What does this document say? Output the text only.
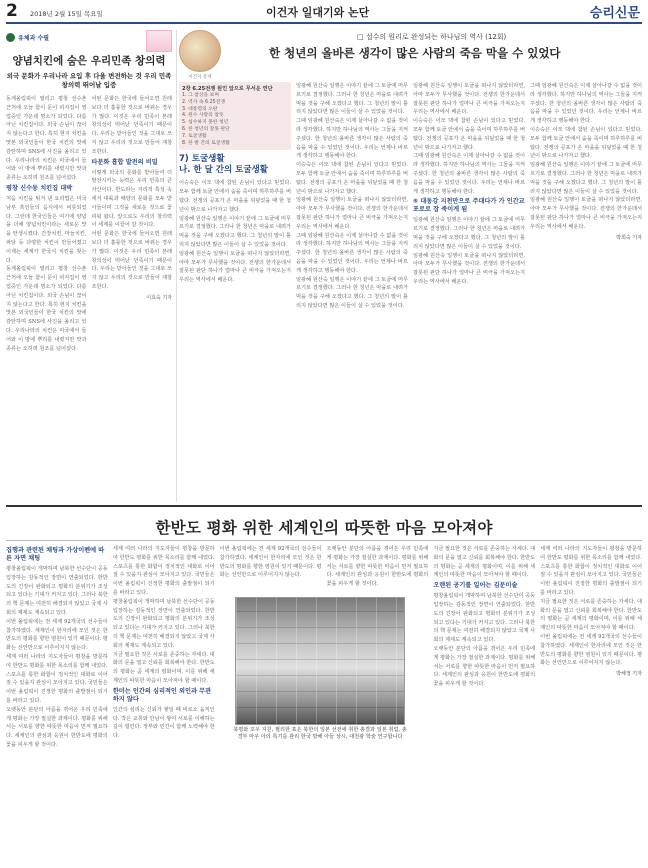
2	2018년 2월 15일 목요일	이건자 일대기와 논단	승리신문
유체과 수필
양념치킨에 숨은 우리민족 창의력
외국 문화가 우리나라 요입 후 다울 변전하는 것 우리 민족 창의력 뛰어날 입증

동계올림픽이 열리고 평창 선수촌 근처에 오늘 함이 문이 피자집이 영업중인 가운데 명소가 되었다. 다름아닌 치킨집이다. 외국 손님이 끊이지 않는다고 한다. 특히 현지 치킨을 맛본 외국인들이 한국 치킨의 맛에 감탄하며 SNS에 사진을 올리고 있다. 우리나라의 치킨은 미국에서 들어와 이 땅에 뿌리를 내렸지만 맛과 종류는 오히려 원조를 넘어섰다.

평창 신수동 치킨집 대박

처음 치킨을 튀겨 낸 요리법은 미국 남부 흑인들의 음식에서 비롯되었다. 그런데 한국인들은 여기에 양념을 더해 양념치킨이라는 새로운 맛을 탄생시켰다. 간장치킨, 마늘치킨, 파닭 등 다양한 치킨이 만들어졌고 이제는 세계가 한국식 치킨을 찾는다.

동계올림픽이 열리고 평창 선수촌 근처에 오늘 함이 문이 피자집이 영업중인 가운데 명소가 되었다. 다름아닌 치킨집이다. 외국 손님이 끊이지 않는다고 한다. 특히 현지 치킨을 맛본 외국인들이 한국 치킨의 맛에 감탄하며 SNS에 사진을 올리고 있다. 우리나라의 치킨은 미국에서 들어와 이 땅에 뿌리를 내렸지만 맛과 종류는 오히려 원조를 넘어섰다.

어떤 문화든 한국에 들어오면 원래보다 더 훌륭한 것으로 바뀌는 경우가 많다. 이것은 우리 민족이 본래 창의성이 뛰어난 민족이기 때문이다. 우리는 받아들인 것을 그대로 쓰지 않고 우리의 것으로 만들어 재창조한다.

타문화 흡합 발전의 비밀

이렇게 외국의 문화를 받아들여 더 발전시키는 능력은 우리 민족의 큰 자산이다. 반도라는 지리적 특성 속에서 대륙과 해양의 문화를 모두 받아들이며 그것을 새로운 것으로 꽃피워 왔다. 앞으로도 우리의 창의력이 세계를 이끌어 갈 것이다.

어떤 문화든 한국에 들어오면 원래보다 더 훌륭한 것으로 바뀌는 경우가 많다. 이것은 우리 민족이 본래 창의성이 뛰어난 민족이기 때문이다. 우리는 받아들인 것을 그대로 쓰지 않고 우리의 것으로 만들어 재창조한다.

이효숙 기자
이건자 총재
□ 섭수의 원리로 완성되는 하나님의 역사 (12회)
한 청년의 올바른 생각이 많은 사람의 죽음 막을 수 있었다
2장 6.25전쟁 원인 앞으로 무서운 연단
1. 그 참상을 보며
2. 역사 속 6.25전쟁
3. 대통령의 오판
4. 원수 사랑의 참뜻
5. 섭수하지 못한 청년
6. 한 청년의 잘못 판단
7. 토굴생활
8. 한 발 간의 토굴생활
7) 토굴생활
나. 한 달 간의 토굴생활

이승숙은 이모 댁에 참된 손님이 있다고 믿었다. 모두 함께 토굴 안에서 숨을 죽이며 하루하루를 버텼다. 전쟁의 공포가 온 마을을 뒤덮었을 때 한 청년이 밖으로 나가자고 했다.

임광혜 원산숙 일행은 이야기 끝에 그 토굴에 머무르기로 결정했다. 그러나 한 청년은 마을로 내려가 먹을 것을 구해 오겠다고 했다. 그 청년의 말이 틀리지 않았다면 많은 이들이 살 수 있었을 것이다.

임광혜 원산숙 일행이 토굴을 떠나지 않았더라면, 아마 모두가 무사했을 것이다. 전쟁의 한가운데서 잘못된 판단 하나가 얼마나 큰 비극을 가져오는지 우리는 역사에서 배운다.

임광혜 원산숙 일행은 이야기 끝에 그 토굴에 머무르기로 결정했다. 그러나 한 청년은 마을로 내려가 먹을 것을 구해 오겠다고 했다. 그 청년의 말이 틀리지 않았다면 많은 이들이 살 수 있었을 것이다.

그때 임광혜 원산숙은 이제 살아나갈 수 없을 것이라 생각했다. 하지만 하나님의 역사는 그들을 지켜 주셨다. 한 청년의 올바른 생각이 많은 사람의 죽음을 막을 수 있었던 것이다. 우리는 언제나 바르게 생각하고 행동해야 한다.

이승숙은 이모 댁에 참된 손님이 있다고 믿었다. 모두 함께 토굴 안에서 숨을 죽이며 하루하루를 버텼다. 전쟁의 공포가 온 마을을 뒤덮었을 때 한 청년이 밖으로 나가자고 했다.

임광혜 원산숙 일행이 토굴을 떠나지 않았더라면, 아마 모두가 무사했을 것이다. 전쟁의 한가운데서 잘못된 판단 하나가 얼마나 큰 비극을 가져오는지 우리는 역사에서 배운다.

그때 임광혜 원산숙은 이제 살아나갈 수 없을 것이라 생각했다. 하지만 하나님의 역사는 그들을 지켜 주셨다. 한 청년의 올바른 생각이 많은 사람의 죽음을 막을 수 있었던 것이다. 우리는 언제나 바르게 생각하고 행동해야 한다.

임광혜 원산숙 일행은 이야기 끝에 그 토굴에 머무르기로 결정했다. 그러나 한 청년은 마을로 내려가 먹을 것을 구해 오겠다고 했다. 그 청년의 말이 틀리지 않았다면 많은 이들이 살 수 있었을 것이다.

임광혜 원산숙 일행이 토굴을 떠나지 않았더라면, 아마 모두가 무사했을 것이다. 전쟁의 한가운데서 잘못된 판단 하나가 얼마나 큰 비극을 가져오는지 우리는 역사에서 배운다.

이승숙은 이모 댁에 참된 손님이 있다고 믿었다. 모두 함께 토굴 안에서 숨을 죽이며 하루하루를 버텼다. 전쟁의 공포가 온 마을을 뒤덮었을 때 한 청년이 밖으로 나가자고 했다.

그때 임광혜 원산숙은 이제 살아나갈 수 없을 것이라 생각했다. 하지만 하나님의 역사는 그들을 지켜 주셨다. 한 청년의 올바른 생각이 많은 사람의 죽음을 막을 수 있었던 것이다. 우리는 언제나 바르게 생각하고 행동해야 한다.

⑤ 대동강 지천만으로 주대다가 가 인간교 포로로 잡 죽이게 됨

임광혜 원산숙 일행은 이야기 끝에 그 토굴에 머무르기로 결정했다. 그러나 한 청년은 마을로 내려가 먹을 것을 구해 오겠다고 했다. 그 청년의 말이 틀리지 않았다면 많은 이들이 살 수 있었을 것이다.

임광혜 원산숙 일행이 토굴을 떠나지 않았더라면, 아마 모두가 무사했을 것이다. 전쟁의 한가운데서 잘못된 판단 하나가 얼마나 큰 비극을 가져오는지 우리는 역사에서 배운다.

그때 임광혜 원산숙은 이제 살아나갈 수 없을 것이라 생각했다. 하지만 하나님의 역사는 그들을 지켜 주셨다. 한 청년의 올바른 생각이 많은 사람의 죽음을 막을 수 있었던 것이다. 우리는 언제나 바르게 생각하고 행동해야 한다.

이승숙은 이모 댁에 참된 손님이 있다고 믿었다. 모두 함께 토굴 안에서 숨을 죽이며 하루하루를 버텼다. 전쟁의 공포가 온 마을을 뒤덮었을 때 한 청년이 밖으로 나가자고 했다.

임광혜 원산숙 일행은 이야기 끝에 그 토굴에 머무르기로 결정했다. 그러나 한 청년은 마을로 내려가 먹을 것을 구해 오겠다고 했다. 그 청년의 말이 틀리지 않았다면 많은 이들이 살 수 있었을 것이다.

임광혜 원산숙 일행이 토굴을 떠나지 않았더라면, 아마 모두가 무사했을 것이다. 전쟁의 한가운데서 잘못된 판단 하나가 얼마나 큰 비극을 가져오는지 우리는 역사에서 배운다.

박희숙 기자
한반도 평화 위한 세계인의 따뜻한 마음 모아져야
집행과 관련된 채팅과 가상이펜에 따른 자면 채팅

평창올림픽이 개막하며 남북한 선수단이 공동 입장하는 감동적인 장면이 연출되었다. 한반도의 긴장이 완화되고 평화의 분위기가 조성되고 있다는 기대가 커지고 있다. 그러나 북한의 핵 문제는 여전히 해결되지 않았고 국제 사회의 제재도 계속되고 있다.

이번 올림픽에는 전 세계 92개국의 선수들이 참가하였다. 세계인이 한자리에 모인 것은 한반도의 평화를 향한 염원이 있기 때문이다. 평화는 선언만으로 이루어지지 않는다.

세계 여러 나라의 지도자들이 평창을 방문하여 한반도 평화를 위한 목소리를 함께 내었다. 스포츠를 통한 화합이 정치적인 대화로 이어질 수 있을지 관심이 모아지고 있다. 국민들은 이번 올림픽이 진정한 평화의 출발점이 되기를 바라고 있다.

오랫동안 분단의 아픔을 겪어온 우리 민족에게 평화는 가장 절실한 과제이다. 평화를 위해서는 서로를 향한 따뜻한 마음이 먼저 필요하다. 세계인의 관심과 응원이 한반도에 평화의 꽃을 피우게 할 것이다.

세계 여러 나라의 지도자들이 평창을 방문하여 한반도 평화를 위한 목소리를 함께 내었다. 스포츠를 통한 화합이 정치적인 대화로 이어질 수 있을지 관심이 모아지고 있다. 국민들은 이번 올림픽이 진정한 평화의 출발점이 되기를 바라고 있다.

평창올림픽이 개막하며 남북한 선수단이 공동 입장하는 감동적인 장면이 연출되었다. 한반도의 긴장이 완화되고 평화의 분위기가 조성되고 있다는 기대가 커지고 있다. 그러나 북한의 핵 문제는 여전히 해결되지 않았고 국제 사회의 제재도 계속되고 있다.

지금 필요한 것은 서로를 존중하는 자세다. 대화의 문을 열고 신뢰를 회복해야 한다. 한반도의 평화는 곧 세계의 평화이며, 이를 위해 세계인의 따뜻한 마음이 모아져야 할 때이다.

한미는 인간의 심리적인 외인과 무관하지 않다

인간의 심리는 신뢰가 쌓일 때 비로소 움직인다. 작은 교류와 만남이 쌓여 서로를 이해하는 길이 열린다. 정부와 민간이 함께 노력해야 한다.

이번 올림픽에는 전 세계 92개국의 선수들이 참가하였다. 세계인이 한자리에 모인 것은 한반도의 평화를 향한 염원이 있기 때문이다. 평화는 선언만으로 이루어지지 않는다.

오랫동안 분단의 아픔을 겪어온 우리 민족에게 평화는 가장 절실한 과제이다. 평화를 위해서는 서로를 향한 따뜻한 마음이 먼저 필요하다. 세계인의 관심과 응원이 한반도에 평화의 꽃을 피우게 할 것이다.

지금 필요한 것은 서로를 존중하는 자세다. 대화의 문을 열고 신뢰를 회복해야 한다. 한반도의 평화는 곧 세계의 평화이며, 이를 위해 세계인의 따뜻한 마음이 모아져야 할 때이다.

오랜된 공기를 일어는 김문미술

평창올림픽이 개막하며 남북한 선수단이 공동 입장하는 감동적인 장면이 연출되었다. 한반도의 긴장이 완화되고 평화의 분위기가 조성되고 있다는 기대가 커지고 있다. 그러나 북한의 핵 문제는 여전히 해결되지 않았고 국제 사회의 제재도 계속되고 있다.

오랫동안 분단의 아픔을 겪어온 우리 민족에게 평화는 가장 절실한 과제이다. 평화를 위해서는 서로를 향한 따뜻한 마음이 먼저 필요하다. 세계인의 관심과 응원이 한반도에 평화의 꽃을 피우게 할 것이다.

세계 여러 나라의 지도자들이 평창을 방문하여 한반도 평화를 위한 목소리를 함께 내었다. 스포츠를 통한 화합이 정치적인 대화로 이어질 수 있을지 관심이 모아지고 있다. 국민들은 이번 올림픽이 진정한 평화의 출발점이 되기를 바라고 있다.

지금 필요한 것은 서로를 존중하는 자세다. 대화의 문을 열고 신뢰를 회복해야 한다. 한반도의 평화는 곧 세계의 평화이며, 이를 위해 세계인의 따뜻한 마음이 모아져야 할 때이다.

이번 올림픽에는 전 세계 92개국의 선수들이 참가하였다. 세계인이 한자리에 모인 것은 한반도의 평화를 향한 염원이 있기 때문이다. 평화는 선언만으로 이루어지지 않는다.

박해정 기자
북평와 꼬우 지친, 필리한 표은 북한의 일본 선전에 취한 총결과 일본 취업, 총경부 마우 아의 특기를 관리 한국 방해 아들 상시, 대천광 학술 연구합니다
